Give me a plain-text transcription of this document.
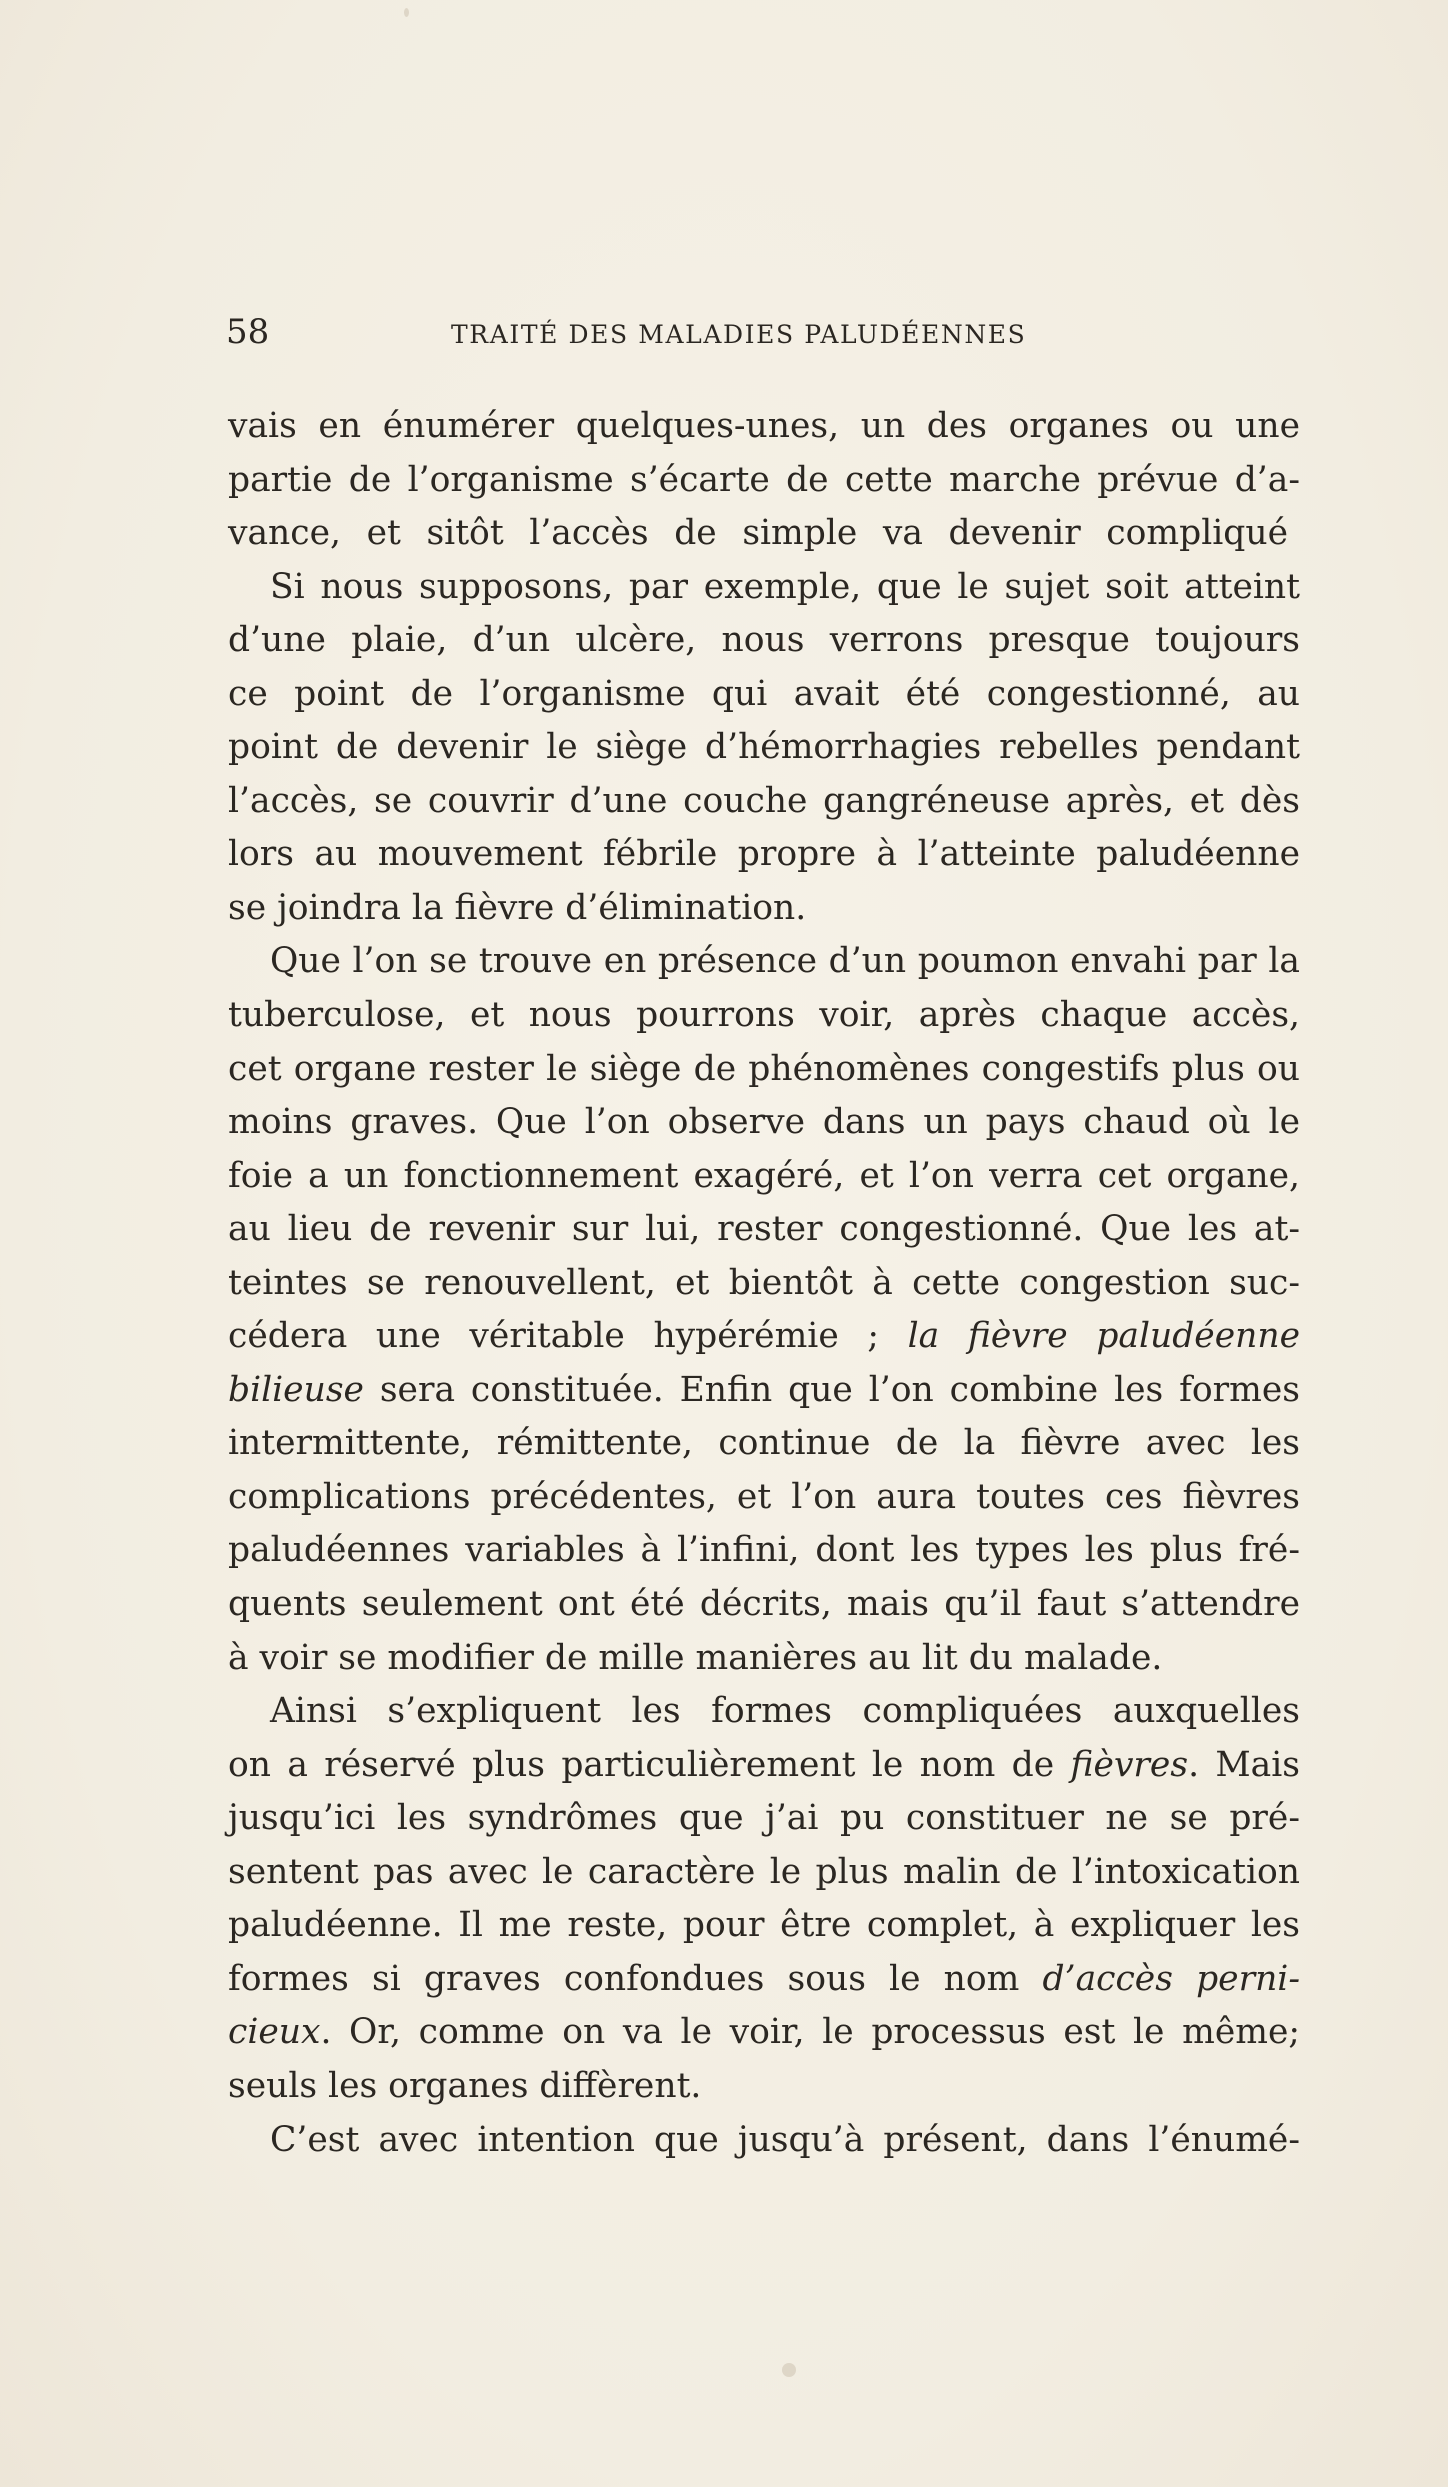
58	TRAITÉ DES MALADIES PALUDÉENNES
vais en énumérer quelques-unes, un des organes ou une
partie de l’organisme s’écarte de cette marche prévue d’a-
vance, et sitôt l’accès de simple va devenir compliqué
Si nous supposons, par exemple, que le sujet soit atteint
d’une plaie, d’un ulcère, nous verrons presque toujours
ce point de l’organisme qui avait été congestionné, au
point de devenir le siège d’hémorrhagies rebelles pendant
l’accès, se couvrir d’une couche gangréneuse après, et dès
lors au mouvement fébrile propre à l’atteinte paludéenne
se joindra la fièvre d’élimination.
Que l’on se trouve en présence d’un poumon envahi par la
tuberculose, et nous pourrons voir, après chaque accès,
cet organe rester le siège de phénomènes congestifs plus ou
moins graves. Que l’on observe dans un pays chaud où le
foie a un fonctionnement exagéré, et l’on verra cet organe,
au lieu de revenir sur lui, rester congestionné. Que les at-
teintes se renouvellent, et bientôt à cette congestion suc-
cédera une véritable hypérémie ; la fièvre paludéenne
bilieuse sera constituée. Enfin que l’on combine les formes
intermittente, rémittente, continue de la fièvre avec les
complications précédentes, et l’on aura toutes ces fièvres
paludéennes variables à l’infini, dont les types les plus fré-
quents seulement ont été décrits, mais qu’il faut s’attendre
à voir se modifier de mille manières au lit du malade.
Ainsi s’expliquent les formes compliquées auxquelles
on a réservé plus particulièrement le nom de fièvres. Mais
jusqu’ici les syndrômes que j’ai pu constituer ne se pré-
sentent pas avec le caractère le plus malin de l’intoxication
paludéenne. Il me reste, pour être complet, à expliquer les
formes si graves confondues sous le nom d’accès perni-
cieux. Or, comme on va le voir, le processus est le même;
seuls les organes diffèrent.
C’est avec intention que jusqu’à présent, dans l’énumé-
